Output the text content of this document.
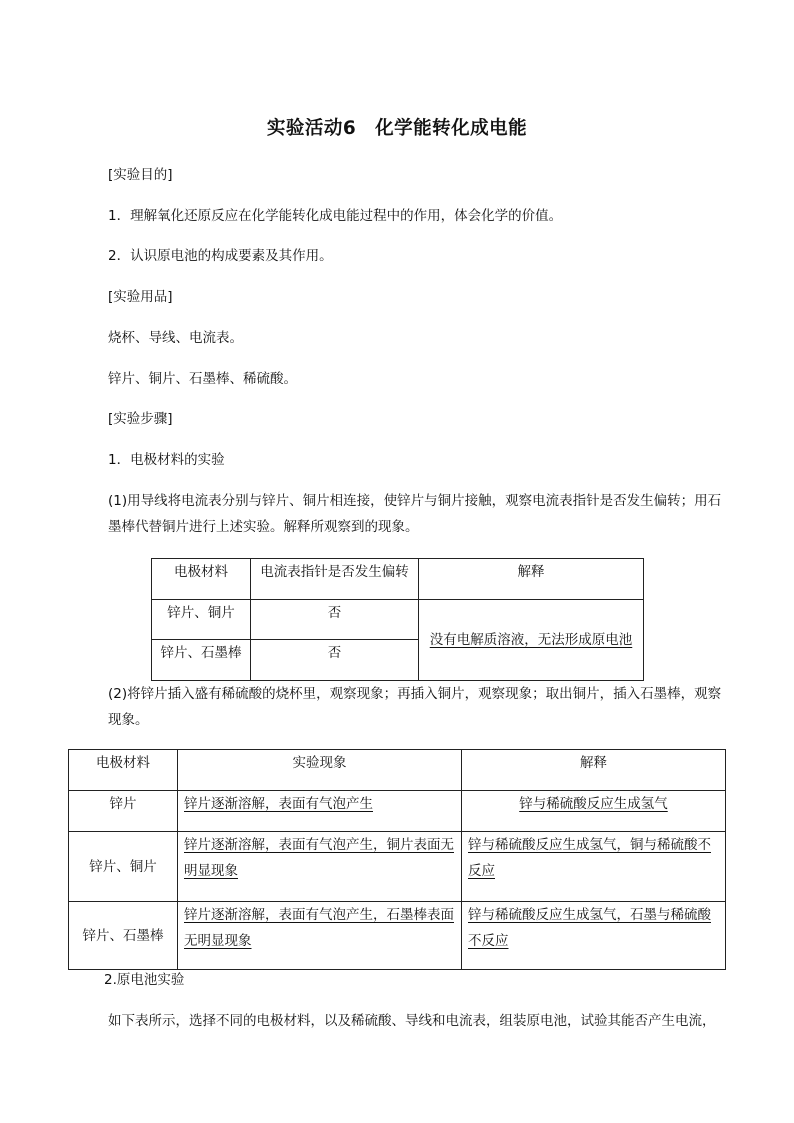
实验活动6　化学能转化成电能
[实验目的]
1．理解氧化还原反应在化学能转化成电能过程中的作用，体会化学的价值。
2．认识原电池的构成要素及其作用。
[实验用品]
烧杯、导线、电流表。
锌片、铜片、石墨棒、稀硫酸。
[实验步骤]
1．电极材料的实验
(1)用导线将电流表分别与锌片、铜片相连接，使锌片与铜片接触，观察电流表指针是否发生偏转；用石墨棒代替铜片进行上述实验。解释所观察到的现象。
电极材料	电流表指针是否发生偏转	解释
锌片、铜片	否	没有电解质溶液，无法形成原电池
锌片、石墨棒	否	
(2)将锌片插入盛有稀硫酸的烧杯里，观察现象；再插入铜片，观察现象；取出铜片，插入石墨棒，观察现象。
电极材料	实验现象	解释
锌片	锌片逐渐溶解，表面有气泡产生	锌与稀硫酸反应生成氢气
锌片、铜片	锌片逐渐溶解，表面有气泡产生，铜片表面无明显现象	锌与稀硫酸反应生成氢气，铜与稀硫酸不反应
锌片、石墨棒	锌片逐渐溶解，表面有气泡产生，石墨棒表面无明显现象	锌与稀硫酸反应生成氢气，石墨与稀硫酸不反应
2.原电池实验
如下表所示，选择不同的电极材料，以及稀硫酸、导线和电流表，组装原电池，试验其能否产生电流，
